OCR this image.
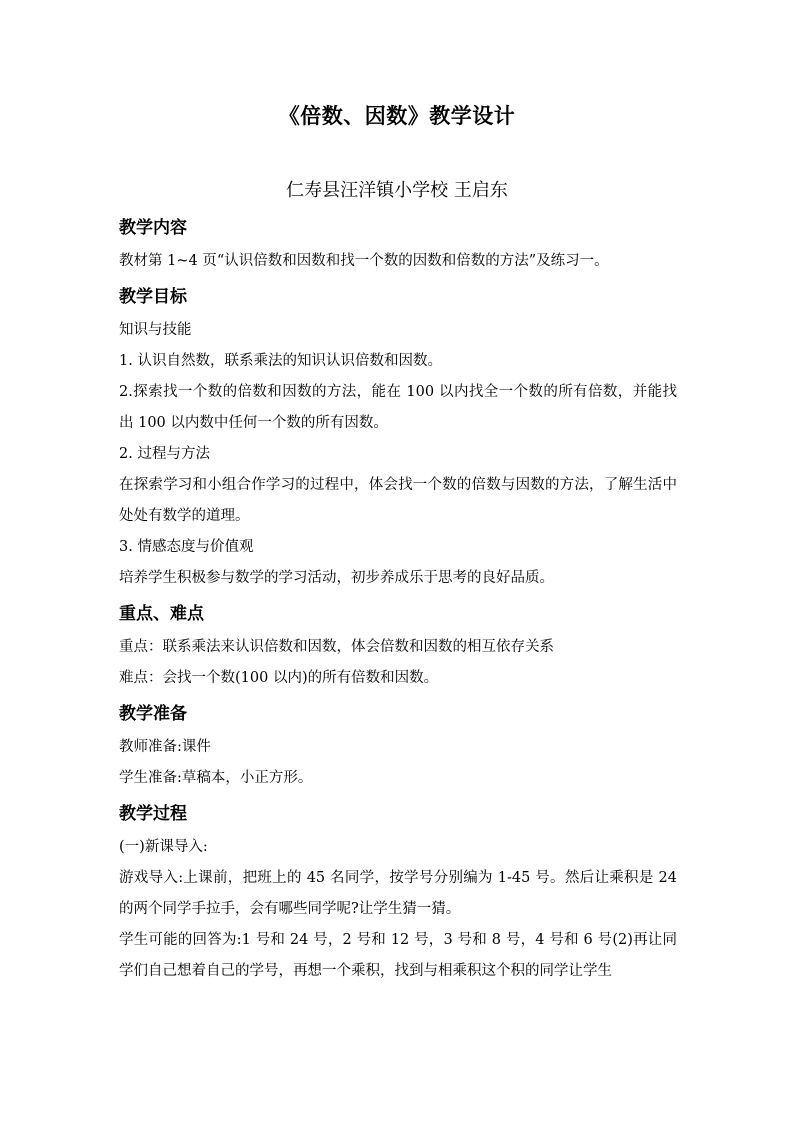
《倍数、因数》教学设计
仁寿县汪洋镇小学校 王启东
教学内容

教材第 1~4 页“认识倍数和因数和找一个数的因数和倍数的方法”及练习一。

教学目标

知识与技能

1. 认识自然数，联系乘法的知识认识倍数和因数。

2.探索找一个数的倍数和因数的方法，能在 100 以内找全一个数的所有倍数，并能找出 100 以内数中任何一个数的所有因数。

2. 过程与方法

在探索学习和小组合作学习的过程中，体会找一个数的倍数与因数的方法，了解生活中处处有数学的道理。

3. 情感态度与价值观

培养学生积极参与数学的学习活动，初步养成乐于思考的良好品质。

重点、难点

重点：联系乘法来认识倍数和因数，体会倍数和因数的相互依存关系

难点：会找一个数(100 以内)的所有倍数和因数。

教学准备

教师准备:课件

学生准备:草稿本，小正方形。

教学过程

(一)新课导入:

游戏导入:上课前，把班上的 45 名同学，按学号分别编为 1-45 号。然后让乘积是 24 的两个同学手拉手，会有哪些同学呢?让学生猜一猜。

学生可能的回答为:1 号和 24 号，2 号和 12 号，3 号和 8 号，4 号和 6 号(2)再让同学们自己想着自己的学号，再想一个乘积，找到与相乘积这个积的同学让学生
